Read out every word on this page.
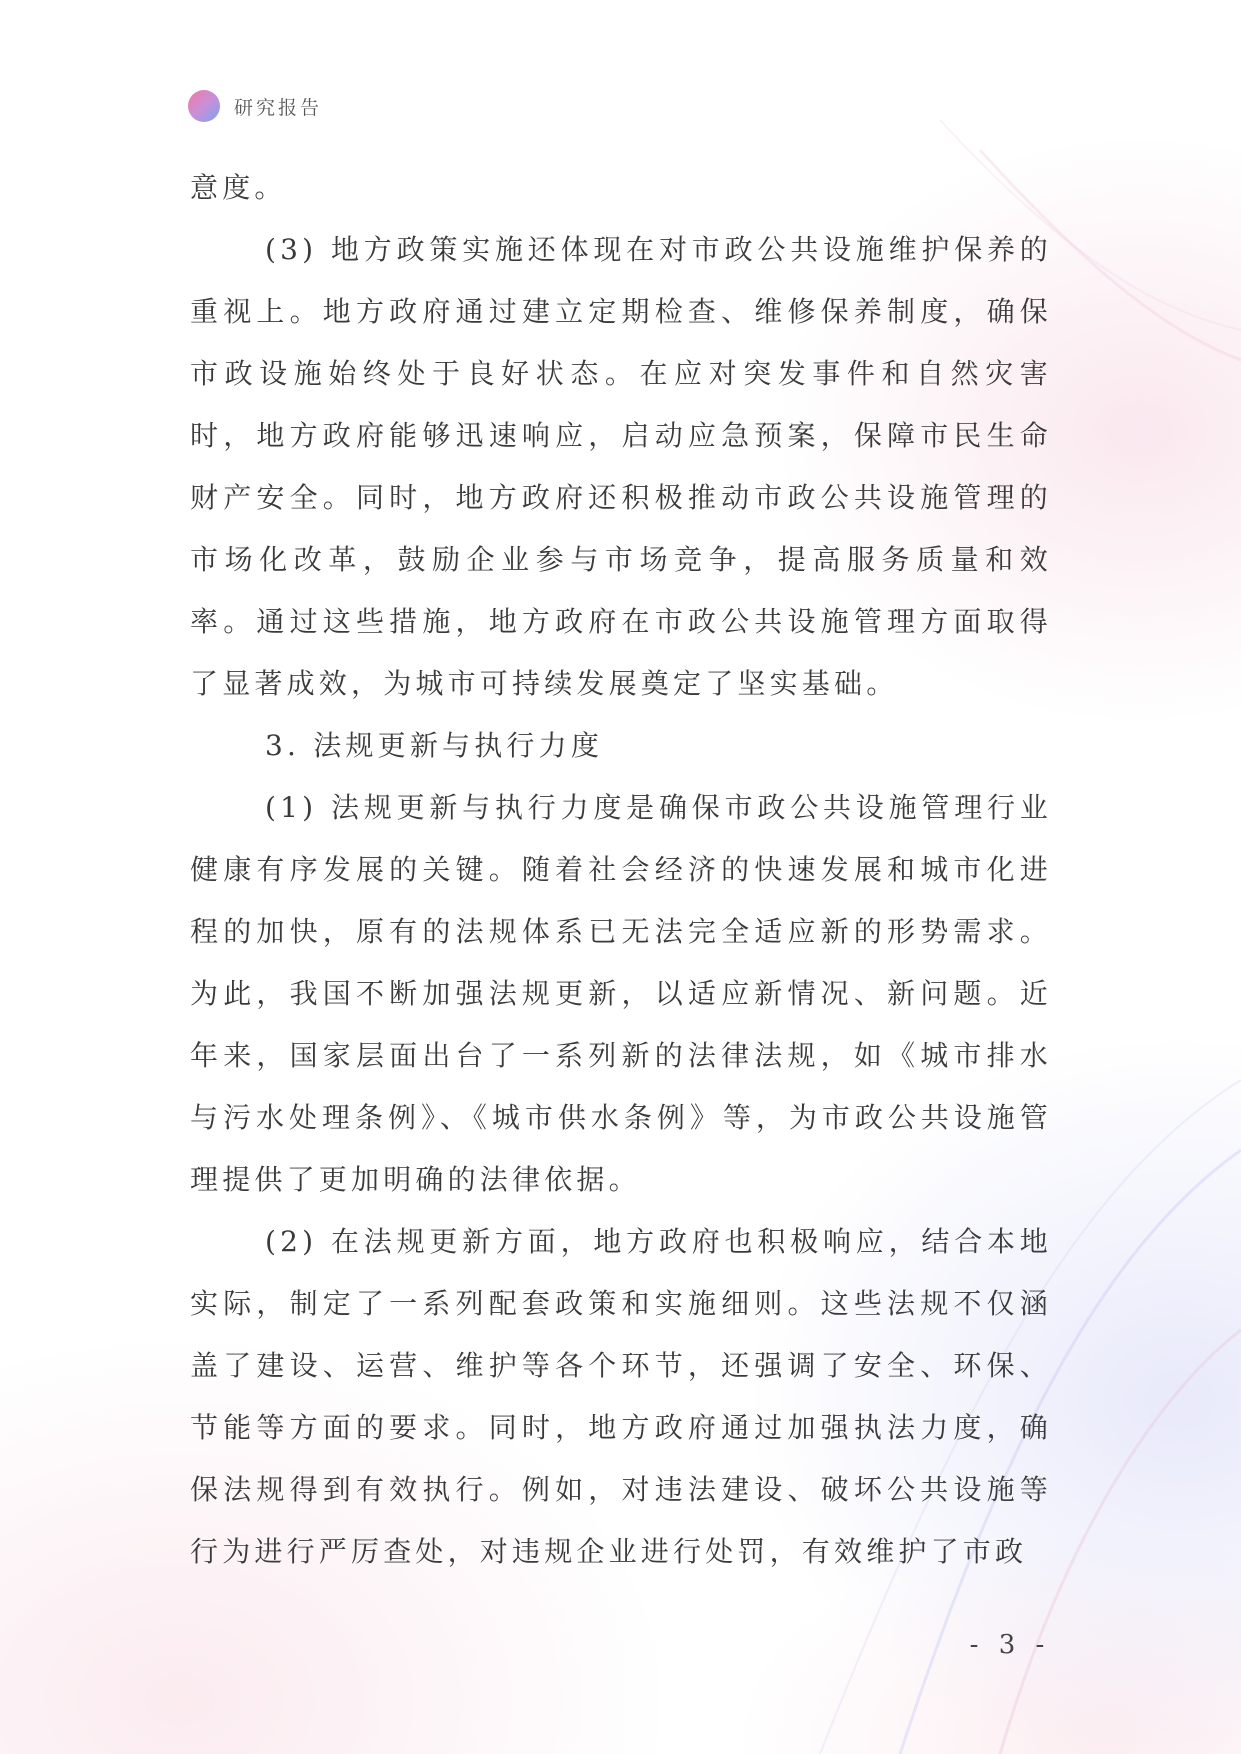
研究报告

意度。

(3) 地方政策实施还体现在对市政公共设施维护保养的重视上。地方政府通过建立定期检查、维修保养制度，确保市政设施始终处于良好状态。在应对突发事件和自然灾害时，地方政府能够迅速响应，启动应急预案，保障市民生命财产安全。同时，地方政府还积极推动市政公共设施管理的市场化改革，鼓励企业参与市场竞争，提高服务质量和效率。通过这些措施，地方政府在市政公共设施管理方面取得了显著成效，为城市可持续发展奠定了坚实基础。

3. 法规更新与执行力度

(1) 法规更新与执行力度是确保市政公共设施管理行业健康有序发展的关键。随着社会经济的快速发展和城市化进程的加快，原有的法规体系已无法完全适应新的形势需求。为此，我国不断加强法规更新，以适应新情况、新问题。近年来，国家层面出台了一系列新的法律法规，如《城市排水与污水处理条例》、《城市供水条例》等，为市政公共设施管理提供了更加明确的法律依据。

(2) 在法规更新方面，地方政府也积极响应，结合本地实际，制定了一系列配套政策和实施细则。这些法规不仅涵盖了建设、运营、维护等各个环节，还强调了安全、环保、节能等方面的要求。同时，地方政府通过加强执法力度，确保法规得到有效执行。例如，对违法建设、破坏公共设施等行为进行严厉查处，对违规企业进行处罚，有效维护了市政

- 3 -
